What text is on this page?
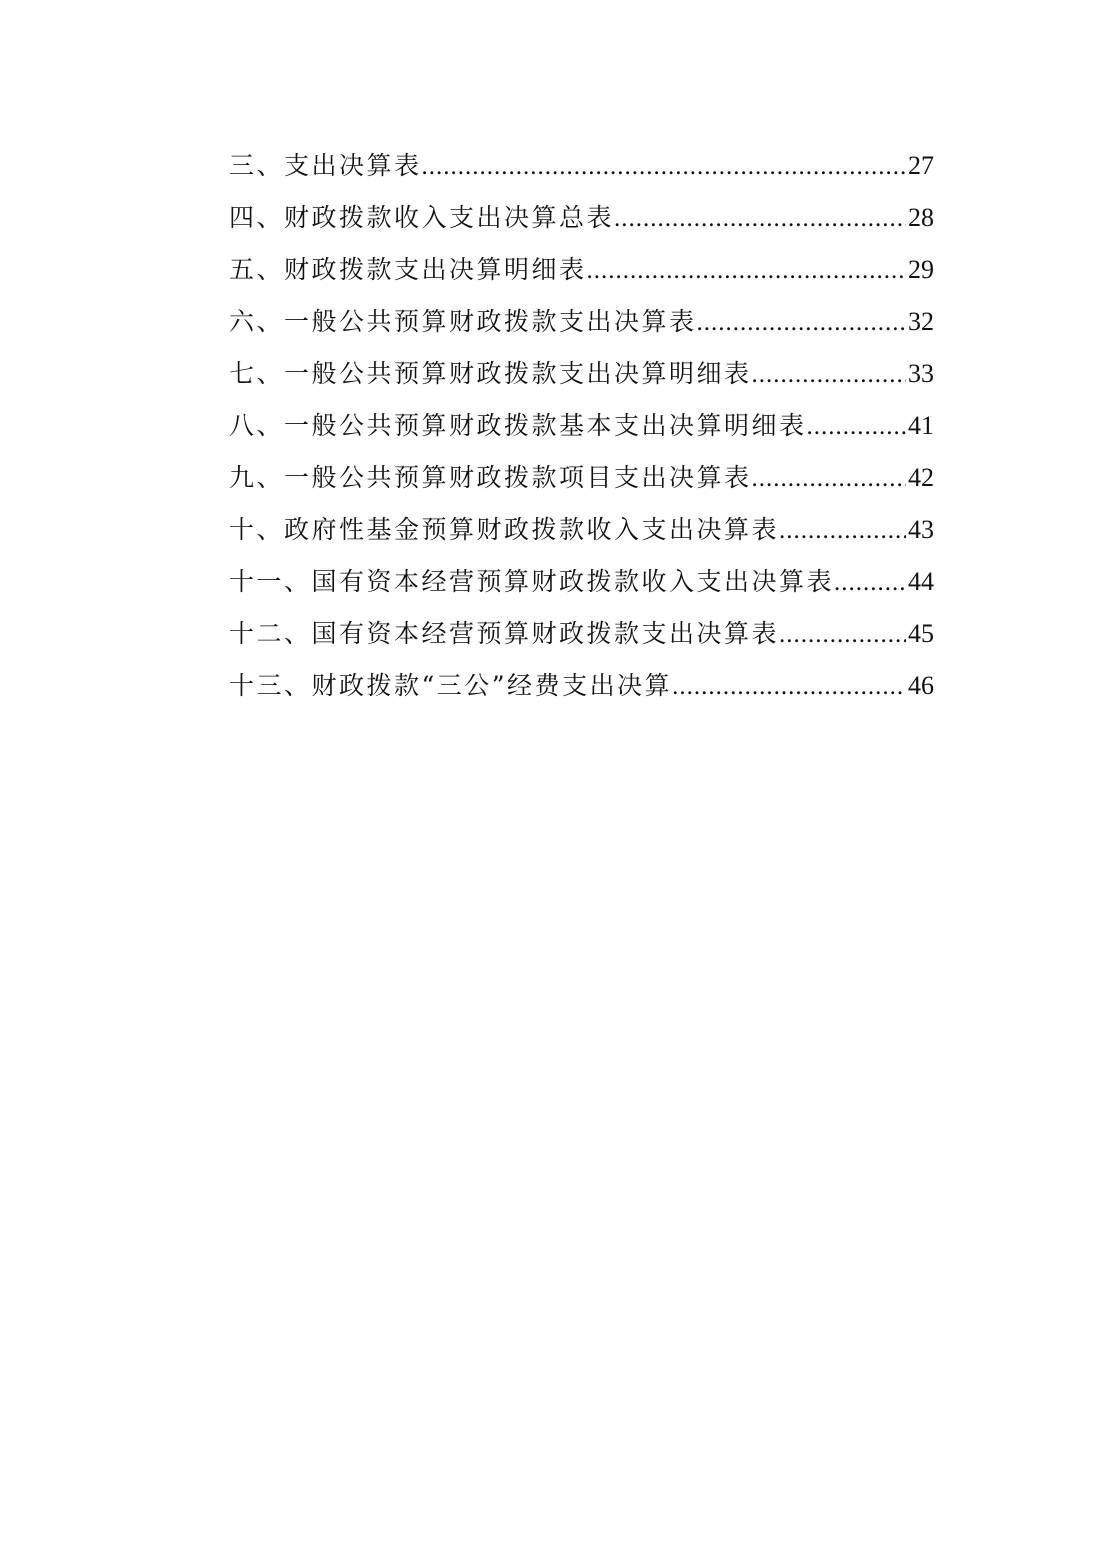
三、支出决算表 .....	27
四、财政拨款收入支出决算总表 .....	28
五、财政拨款支出决算明细表 .....	29
六、一般公共预算财政拨款支出决算表 .....	32
七、一般公共预算财政拨款支出决算明细表 .....	33
八、一般公共预算财政拨款基本支出决算明细表 .....	41
九、一般公共预算财政拨款项目支出决算表 .....	42
十、政府性基金预算财政拨款收入支出决算表 .....	43
十一、国有资本经营预算财政拨款收入支出决算表 .....	44
十二、国有资本经营预算财政拨款支出决算表 .....	45
十三、财政拨款“三公”经费支出决算 .....	46
